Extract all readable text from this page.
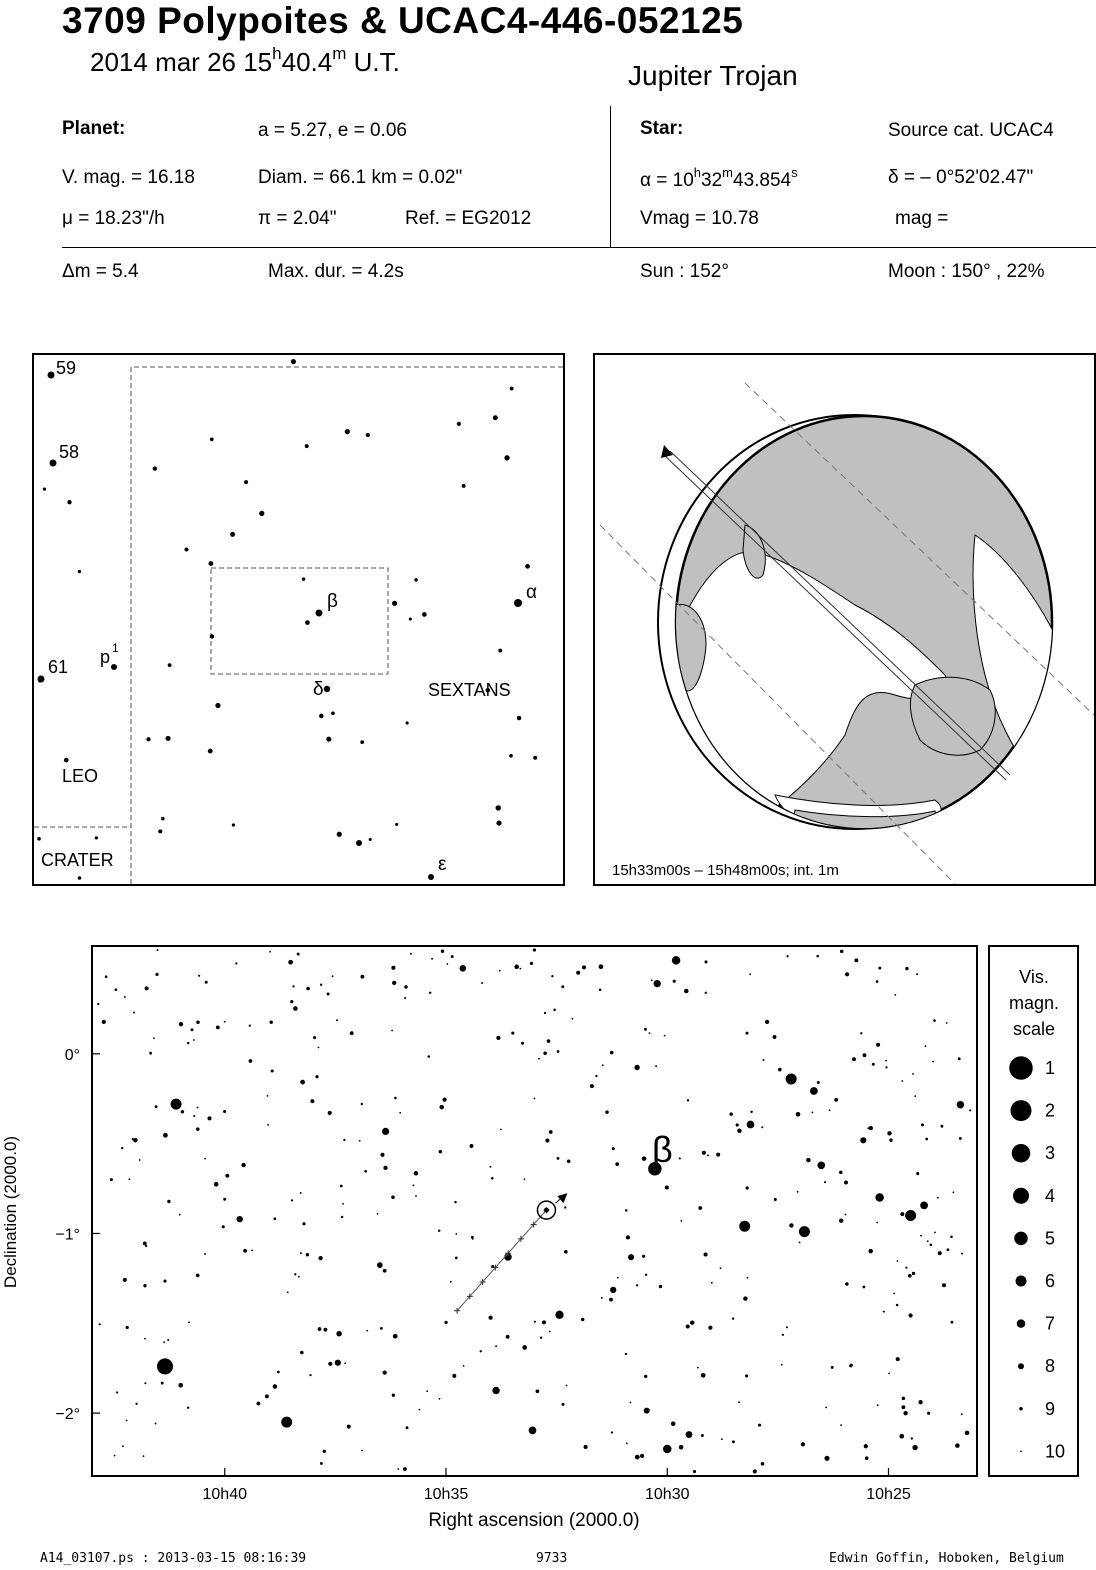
3709 Polypoites & UCAC4-446-052125
2014 mar 26 15$^h$40.4$^m$ U.T.	Jupiter Trojan
Planet:	a = 5.27, e = 0.06
V. mag. = 16.18	Diam. = 66.1 km = 0.02"
μ = 18.23"/h	π = 2.04"	Ref. = EG2012
Star:	Source cat. UCAC4
$\alpha = 10^h32^m43.854^s$	δ = – 0°52'02.47"
Vmag = 10.78	mag =
Δm = 5.4	Max. dur. = 4.2s	Sun : 152°	Moon : 150° , 22%
59
58
61 p 1
β	α
δ
ε
SEXTANS
LEO
CRATER
15h33m00s – 15h48m00s; int. 1m
10h40	10h35	10h30	10h25
0°
−1°
−2°
β
Right ascension (2000.0)
Declination (2000.0)
Vis.
magn.
scale
1
2
3
4
5
6
7
8
9
10
A14_03107.ps : 2013-03-15 08:16:39	9733	Edwin Goffin, Hoboken, Belgium
